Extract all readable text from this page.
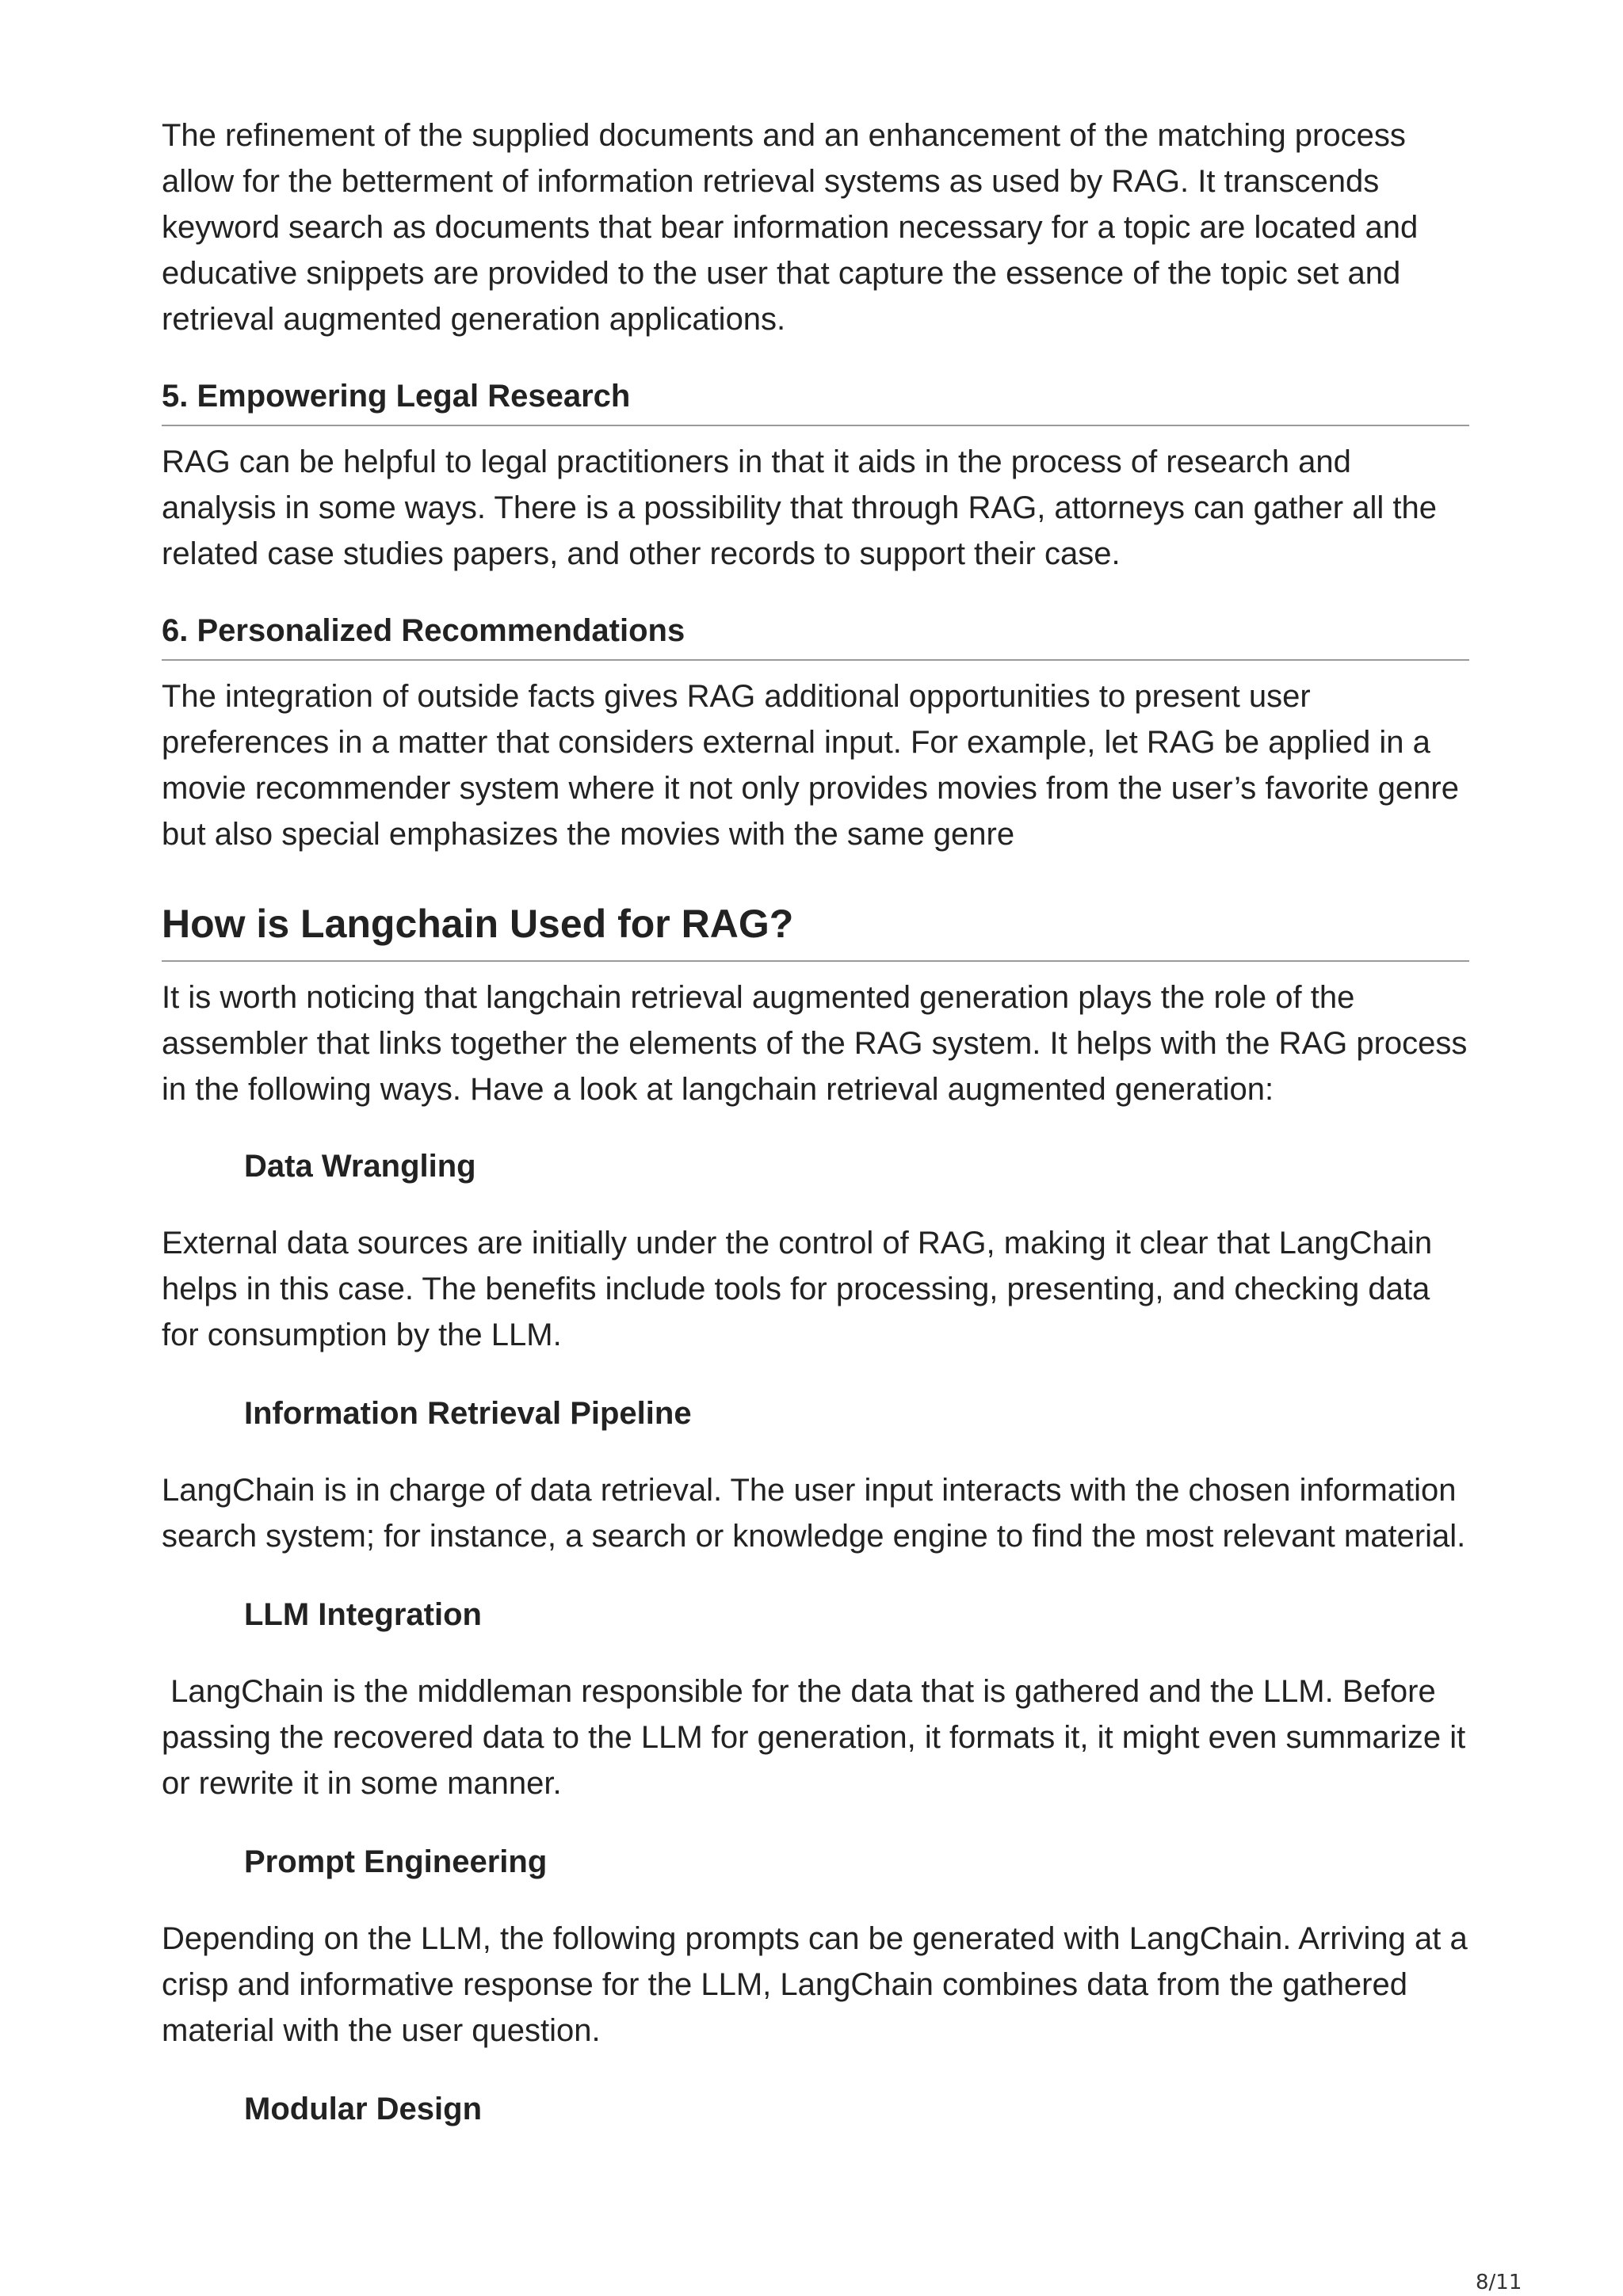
The refinement of the supplied documents and an enhancement of the matching process allow for the betterment of information retrieval systems as used by RAG. It transcends keyword search as documents that bear information necessary for a topic are located and educative snippets are provided to the user that capture the essence of the topic set and retrieval augmented generation applications.

5. Empowering Legal Research

RAG can be helpful to legal practitioners in that it aids in the process of research and analysis in some ways. There is a possibility that through RAG, attorneys can gather all the related case studies papers, and other records to support their case.

6. Personalized Recommendations

The integration of outside facts gives RAG additional opportunities to present user preferences in a matter that considers external input. For example, let RAG be applied in a movie recommender system where it not only provides movies from the user’s favorite genre but also special emphasizes the movies with the same genre

How is Langchain Used for RAG?

It is worth noticing that langchain retrieval augmented generation plays the role of the assembler that links together the elements of the RAG system. It helps with the RAG process in the following ways. Have a look at langchain retrieval augmented generation:

Data Wrangling

External data sources are initially under the control of RAG, making it clear that LangChain helps in this case. The benefits include tools for processing, presenting, and checking data for consumption by the LLM.

Information Retrieval Pipeline

LangChain is in charge of data retrieval. The user input interacts with the chosen information search system; for instance, a search or knowledge engine to find the most relevant material.

LLM Integration

LangChain is the middleman responsible for the data that is gathered and the LLM. Before passing the recovered data to the LLM for generation, it formats it, it might even summarize it or rewrite it in some manner.

Prompt Engineering

Depending on the LLM, the following prompts can be generated with LangChain. Arriving at a crisp and informative response for the LLM, LangChain combines data from the gathered material with the user question.

Modular Design
8/11
